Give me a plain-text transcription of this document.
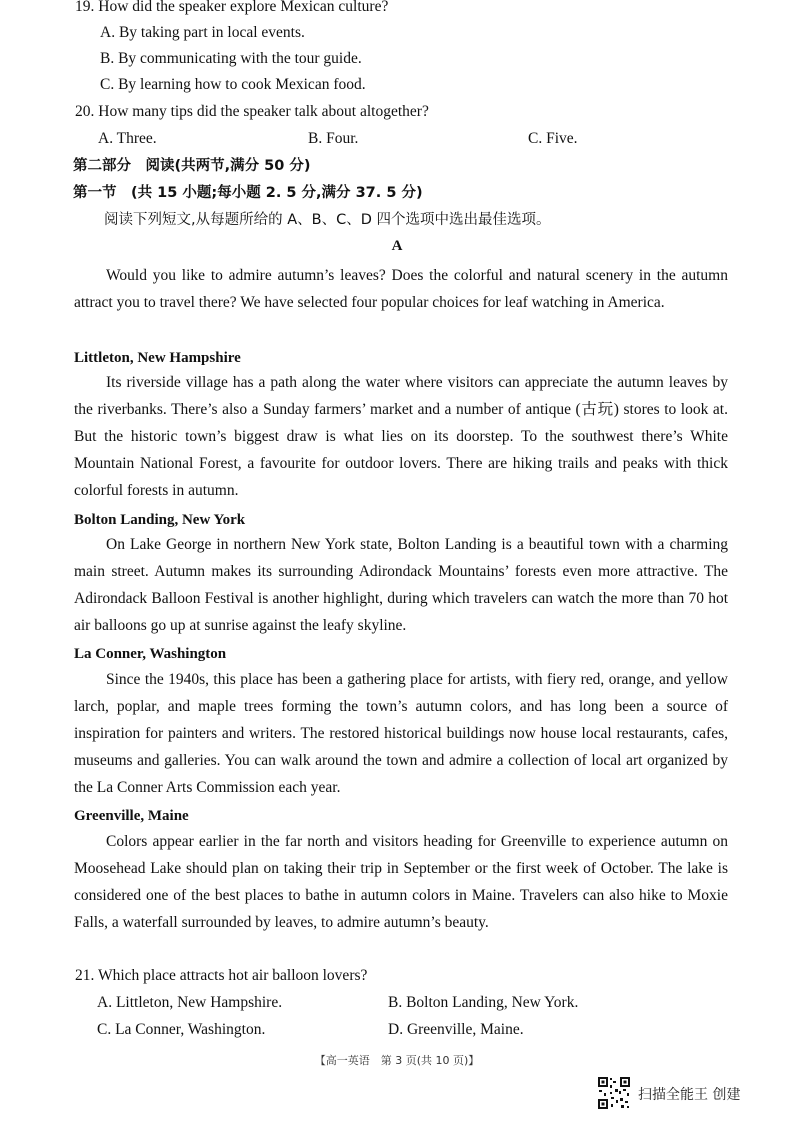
19. How did the speaker explore Mexican culture?
A. By taking part in local events.
B. By communicating with the tour guide.
C. By learning how to cook Mexican food.
20. How many tips did the speaker talk about altogether?
A. Three.	B. Four.	C. Five.
第二部分　阅读(共两节,满分 50 分)
第一节　(共 15 小题;每小题 2. 5 分,满分 37. 5 分)
阅读下列短文,从每题所给的 A、B、C、D 四个选项中选出最佳选项。
A

Would you like to admire autumn’s leaves? Does the colorful and natural scenery in the autumn attract you to travel there? We have selected four popular choices for leaf watching in America.

Littleton, New Hampshire

Its riverside village has a path along the water where visitors can appreciate the autumn leaves by the riverbanks. There’s also a Sunday farmers’ market and a number of antique (古玩) stores to look at. But the historic town’s biggest draw is what lies on its doorstep. To the southwest there’s White Mountain National Forest, a favourite for outdoor lovers. There are hiking trails and peaks with thick colorful forests in autumn.

Bolton Landing, New York

On Lake George in northern New York state, Bolton Landing is a beautiful town with a charming main street. Autumn makes its surrounding Adirondack Mountains’ forests even more attractive. The Adirondack Balloon Festival is another highlight, during which travelers can watch the more than 70 hot air balloons go up at sunrise against the leafy skyline.

La Conner, Washington

Since the 1940s, this place has been a gathering place for artists, with fiery red, orange, and yellow larch, poplar, and maple trees forming the town’s autumn colors, and has long been a source of inspiration for painters and writers. The restored historical buildings now house local restaurants, cafes, museums and galleries. You can walk around the town and admire a collection of local art organized by the La Conner Arts Commission each year.

Greenville, Maine

Colors appear earlier in the far north and visitors heading for Greenville to experience autumn on Moosehead Lake should plan on taking their trip in September or the first week of October. The lake is considered one of the best places to bathe in autumn colors in Maine. Travelers can also hike to Moxie Falls, a waterfall surrounded by leaves, to admire autumn’s beauty.

21. Which place attracts hot air balloon lovers?
A. Littleton, New Hampshire.	B. Bolton Landing, New York.
C. La Conner, Washington.	D. Greenville, Maine.
【高一英语　第 3 页(共 10 页)】
扫描全能王 创建
